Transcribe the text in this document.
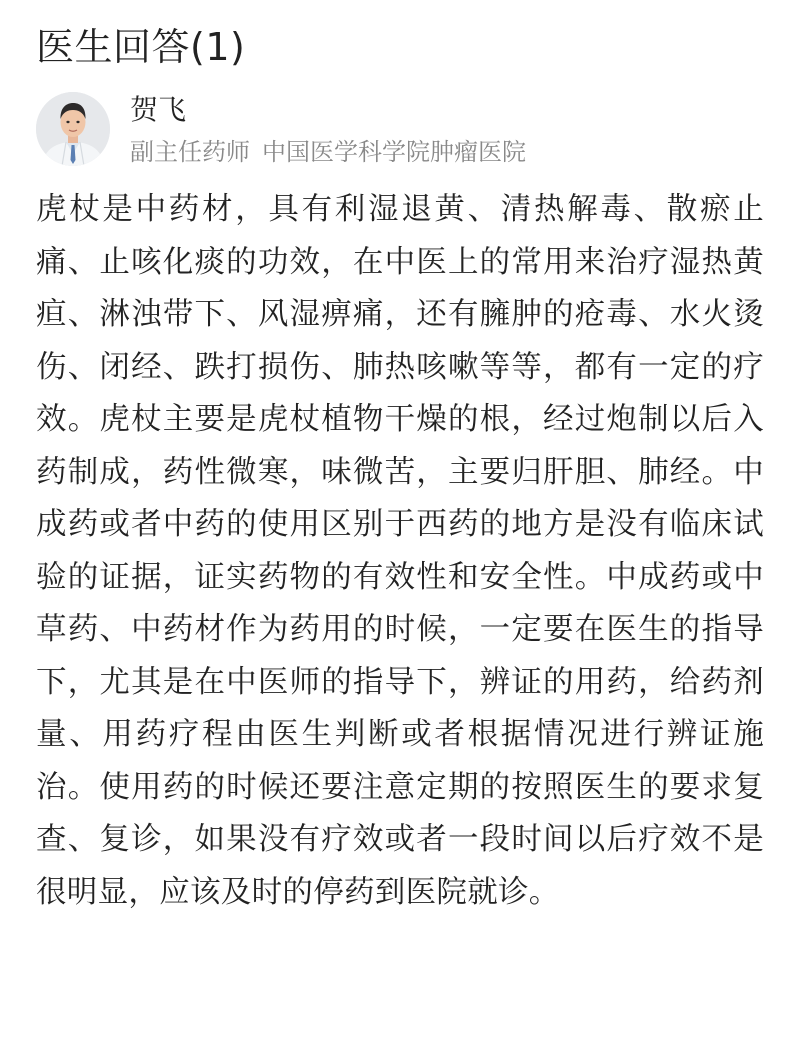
医生回答(1)
贺飞
副主任药师 中国医学科学院肿瘤医院

虎杖是中药材，具有利湿退黄、清热解毒、散瘀止痛、止咳化痰的功效，在中医上的常用来治疗湿热黄疸、淋浊带下、风湿痹痛，还有臃肿的疮毒、水火烫伤、闭经、跌打损伤、肺热咳嗽等等，都有一定的疗效。虎杖主要是虎杖植物干燥的根，经过炮制以后入药制成，药性微寒，味微苦，主要归肝胆、肺经。中成药或者中药的使用区别于西药的地方是没有临床试验的证据，证实药物的有效性和安全性。中成药或中草药、中药材作为药用的时候，一定要在医生的指导下，尤其是在中医师的指导下，辨证的用药，给药剂量、用药疗程由医生判断或者根据情况进行辨证施治。使用药的时候还要注意定期的按照医生的要求复查、复诊，如果没有疗效或者一段时间以后疗效不是很明显，应该及时的停药到医院就诊。
